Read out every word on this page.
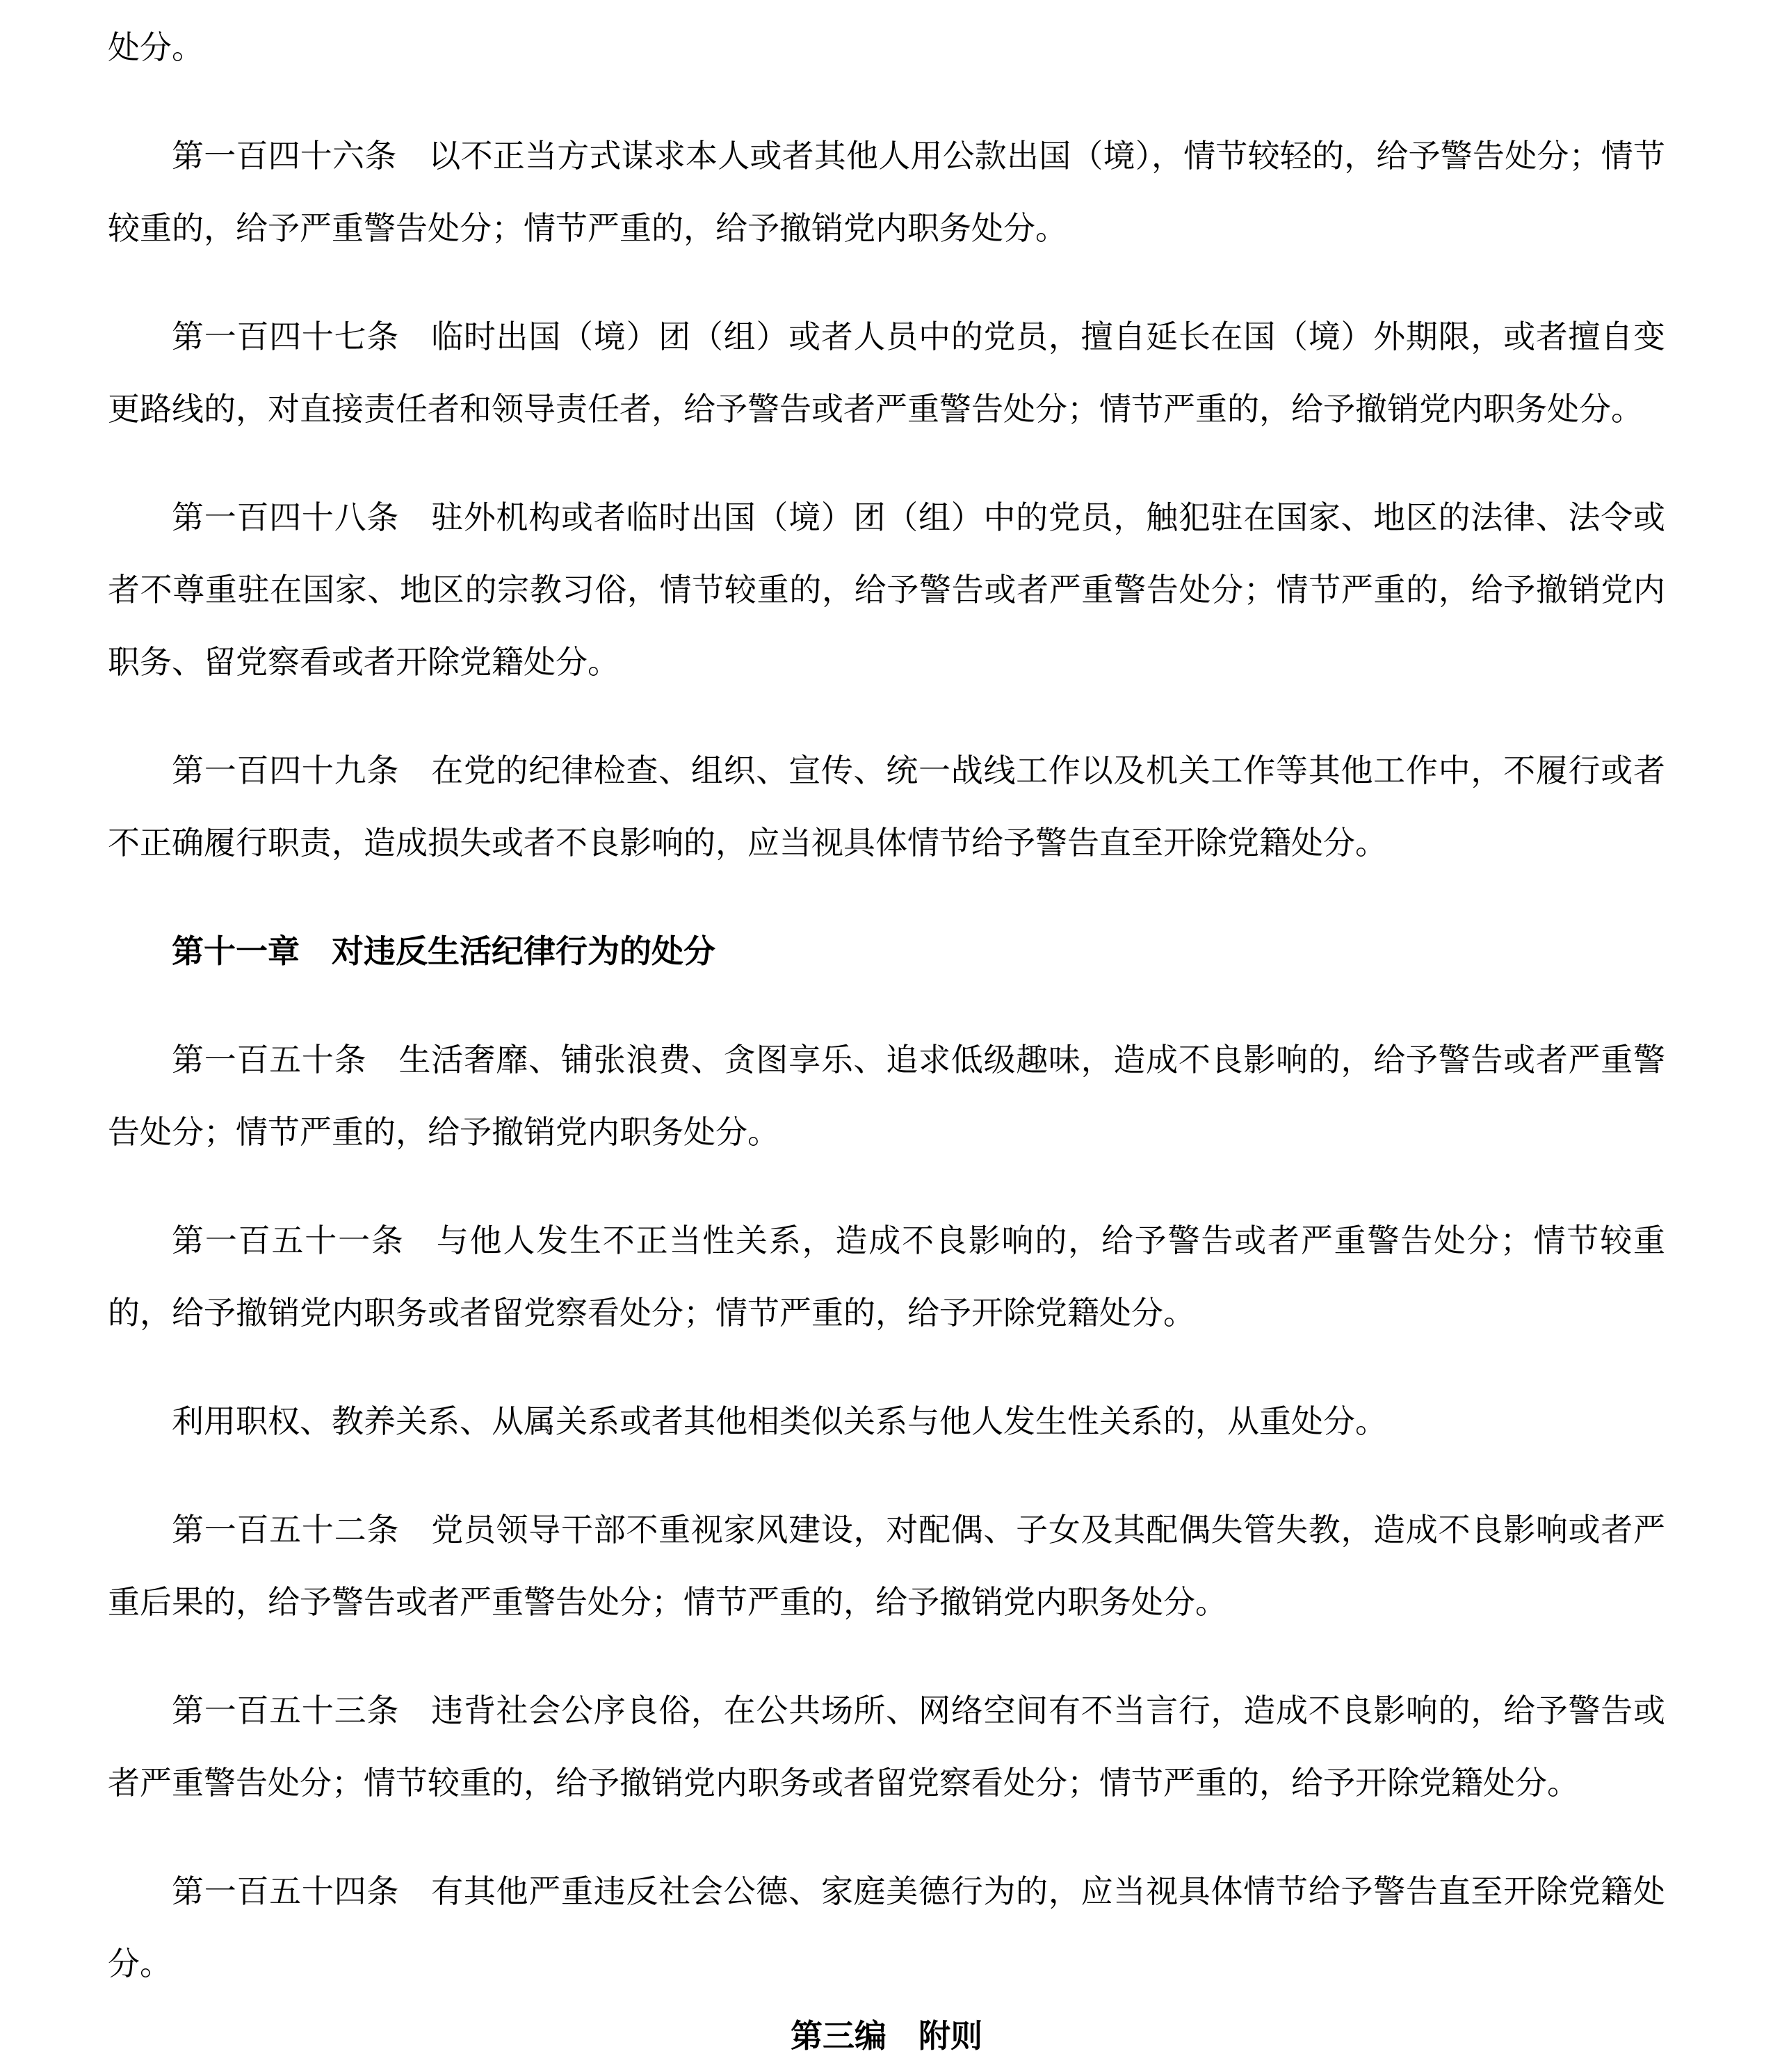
处分。

第一百四十六条 以不正当方式谋求本人或者其他人用公款出国（境），情节较轻的，给予警告处分；情节较重的，给予严重警告处分；情节严重的，给予撤销党内职务处分。

第一百四十七条 临时出国（境）团（组）或者人员中的党员，擅自延长在国（境）外期限，或者擅自变更路线的，对直接责任者和领导责任者，给予警告或者严重警告处分；情节严重的，给予撤销党内职务处分。

第一百四十八条 驻外机构或者临时出国（境）团（组）中的党员，触犯驻在国家、地区的法律、法令或者不尊重驻在国家、地区的宗教习俗，情节较重的，给予警告或者严重警告处分；情节严重的，给予撤销党内职务、留党察看或者开除党籍处分。

第一百四十九条 在党的纪律检查、组织、宣传、统一战线工作以及机关工作等其他工作中，不履行或者不正确履行职责，造成损失或者不良影响的，应当视具体情节给予警告直至开除党籍处分。

第十一章 对违反生活纪律行为的处分

第一百五十条 生活奢靡、铺张浪费、贪图享乐、追求低级趣味，造成不良影响的，给予警告或者严重警告处分；情节严重的，给予撤销党内职务处分。

第一百五十一条 与他人发生不正当性关系，造成不良影响的，给予警告或者严重警告处分；情节较重的，给予撤销党内职务或者留党察看处分；情节严重的，给予开除党籍处分。

利用职权、教养关系、从属关系或者其他相类似关系与他人发生性关系的，从重处分。

第一百五十二条 党员领导干部不重视家风建设，对配偶、子女及其配偶失管失教，造成不良影响或者严重后果的，给予警告或者严重警告处分；情节严重的，给予撤销党内职务处分。

第一百五十三条 违背社会公序良俗，在公共场所、网络空间有不当言行，造成不良影响的，给予警告或者严重警告处分；情节较重的，给予撤销党内职务或者留党察看处分；情节严重的，给予开除党籍处分。

第一百五十四条 有其他严重违反社会公德、家庭美德行为的，应当视具体情节给予警告直至开除党籍处分。

第三编 附则
